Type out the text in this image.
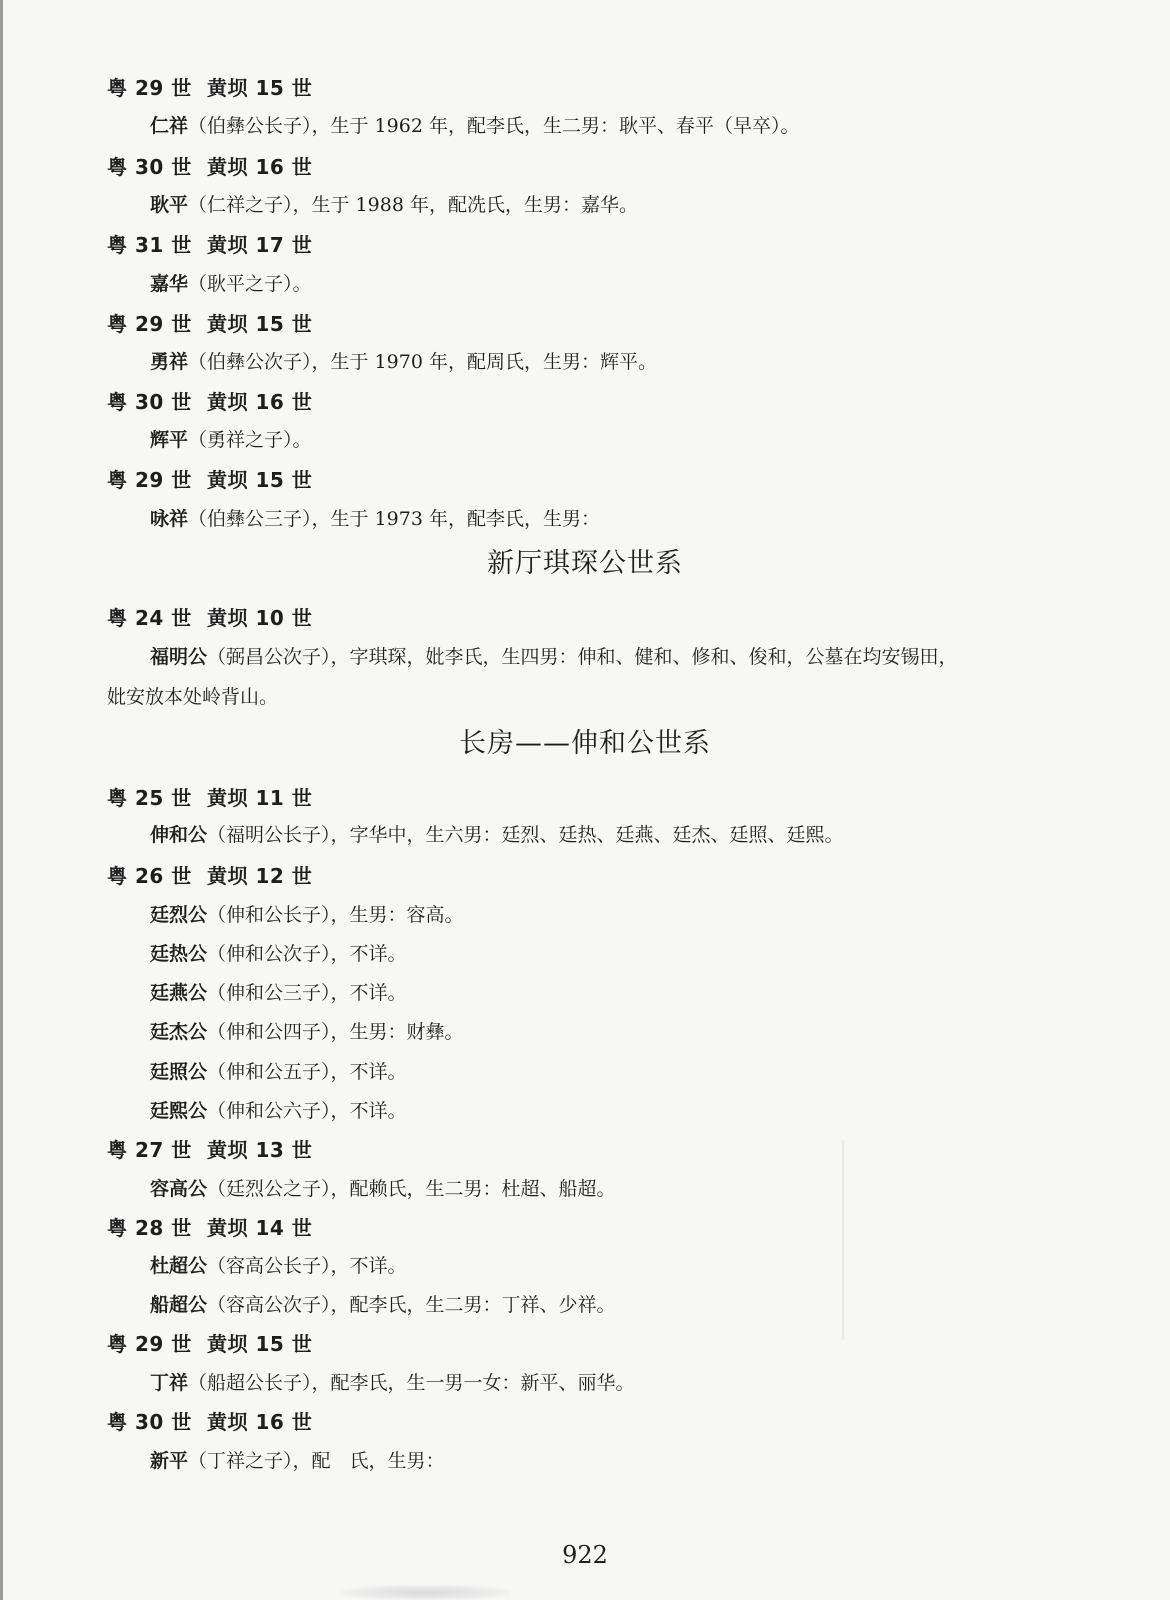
粤 29 世 黄坝 15 世
仁祥（伯彝公长子），生于 1962 年，配李氏，生二男：耿平、春平（早卒）。
粤 30 世 黄坝 16 世
耿平（仁祥之子），生于 1988 年，配冼氏，生男：嘉华。
粤 31 世 黄坝 17 世
嘉华（耿平之子）。
粤 29 世 黄坝 15 世
勇祥（伯彝公次子），生于 1970 年，配周氏，生男：辉平。
粤 30 世 黄坝 16 世
辉平（勇祥之子）。
粤 29 世 黄坝 15 世
咏祥（伯彝公三子），生于 1973 年，配李氏，生男：
新厅琪琛公世系
粤 24 世 黄坝 10 世
福明公（弼昌公次子），字琪琛，妣李氏，生四男：伸和、健和、修和、俊和，公墓在均安锡田，
妣安放本处岭背山。
长房——伸和公世系
粤 25 世 黄坝 11 世
伸和公（福明公长子），字华中，生六男：廷烈、廷热、廷燕、廷杰、廷照、廷熙。
粤 26 世 黄坝 12 世
廷烈公（伸和公长子），生男：容高。
廷热公（伸和公次子），不详。
廷燕公（伸和公三子），不详。
廷杰公（伸和公四子），生男：财彝。
廷照公（伸和公五子），不详。
廷熙公（伸和公六子），不详。
粤 27 世 黄坝 13 世
容高公（廷烈公之子），配赖氏，生二男：杜超、船超。
粤 28 世 黄坝 14 世
杜超公（容高公长子），不详。
船超公（容高公次子），配李氏，生二男：丁祥、少祥。
粤 29 世 黄坝 15 世
丁祥（船超公长子），配李氏，生一男一女：新平、丽华。
粤 30 世 黄坝 16 世
新平（丁祥之子），配　氏，生男：
922
